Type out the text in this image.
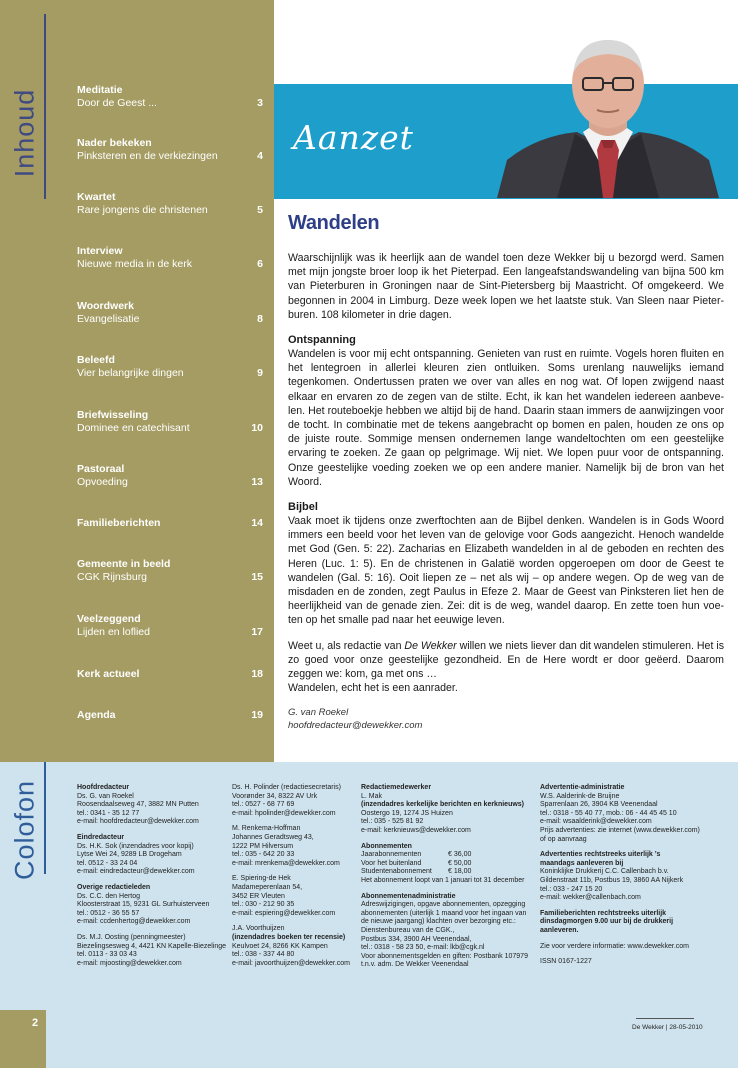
Inhoud	Meditatie
Door de Geest ...	3
Nader bekeken
Pinksteren en de verkiezingen	4
Kwartet
Rare jongens die christenen	5
Interview
Nieuwe media in de kerk	6
Woordwerk
Evangelisatie	8
Beleefd
Vier belangrijke dingen	9
Briefwisseling
Dominee en catechisant	10
Pastoraal
Opvoeding	13
Familieberichten	14
Gemeente in beeld
CGK Rijnsburg	15
Veelzeggend
Lijden en loflied	17
Kerk actueel	18
Agenda	19
Aanzet
Wandelen

Waarschijnlijk was ik heerlijk aan de wandel toen deze Wekker bij u bezorgd werd. Samen met mijn jongste broer loop ik het Pieterpad. Een langeafstandswandeling van bijna 500 km van Pieterburen in Groningen naar de Sint-Pietersberg bij Maastricht. Of omgekeerd. We begonnen in 2004 in Limburg. Deze week lopen we het laatste stuk. Van Sleen naar Pieter-buren. 108 kilometer in drie dagen.

Ontspanning

Wandelen is voor mij echt ontspanning. Genieten van rust en ruimte. Vogels horen fluiten en het lentegroen in allerlei kleuren zien ontluiken. Soms urenlang nauwelijks iemand tegenkomen. Ondertussen praten we over van alles en nog wat. Of lopen zwijgend naast elkaar en ervaren zo de zegen van de stilte. Echt, ik kan het wandelen iedereen aanbeve-len. Het routeboekje hebben we altijd bij de hand. Daarin staan immers de aanwijzingen voor de tocht. In combinatie met de tekens aangebracht op bomen en palen, houden ze ons op de juiste route. Sommige mensen ondernemen lange wandeltochten om een geestelijke ervaring te zoeken. Ze gaan op pelgrimage. Wij niet. We lopen puur voor de ontspanning. Onze geestelijke voeding zoeken we op een andere manier. Namelijk bij de bron van het Woord.

Bijbel

Vaak moet ik tijdens onze zwerftochten aan de Bijbel denken. Wandelen is in Gods Woord immers een beeld voor het leven van de gelovige voor Gods aangezicht. Henoch wandelde met God (Gen. 5: 22). Zacharias en Elizabeth wandelden in al de geboden en rechten des Heren (Luc. 1: 5). En de christenen in Galatië worden opgeroepen om door de Geest te wandelen (Gal. 5: 16). Ooit liepen ze – net als wij – op andere wegen. Op de weg van de misdaden en de zonden, zegt Paulus in Efeze 2. Maar de Geest van Pinksteren liet hen de heerlijkheid van de genade zien. Zei: dit is de weg, wandel daarop. En zette toen hun voe-ten op het smalle pad naar het eeuwige leven.

Weet u, als redactie van De Wekker willen we niets liever dan dit wandelen stimuleren. Het is zo goed voor onze geestelijke gezondheid. En de Here wordt er door geëerd. Daarom zeggen we: kom, ga met ons …

Wandelen, echt het is een aanrader.

G. van Roekel
hoofdredacteur@dewekker.com
Colofon	Hoofdredacteur
Ds. G. van Roekel
Roosendaalseweg 47, 3882 MN Putten
tel.: 0341 - 35 12 77
e-mail: hoofdredacteur@dewekker.com
Eindredacteur
Ds. H.K. Sok (inzendadres voor kopij)
Lytse Wei 24, 9289 LB Drogeham
tel. 0512 - 33 24 04
e-mail: eindredacteur@dewekker.com
Overige redactieleden
Ds. C.C. den Hertog
Kloosterstraat 15, 9231 GL Surhuisterveen
tel.: 0512 - 36 55 57
e-mail: ccdenhertog@dewekker.com
Ds. M.J. Oosting (penningmeester)
Biezelingsesweg 4, 4421 KN Kapelle-Biezelinge
tel. 0113 - 33 03 43
e-mail: mjoosting@dewekker.com
Ds. H. Polinder (redactiesecretaris)
Voorønder 34, 8322 AV Urk
tel.: 0527 - 68 77 69
e-mail: hpolinder@dewekker.com
M. Renkema-Hoffman
Johannes Geradtsweg 43,
1222 PM Hilversum
tel.: 035 - 642 20 33
e-mail: mrenkema@dewekker.com
E. Spiering-de Hek
Madameperenlaan 54,
3452 ER Vleuten
tel.: 030 - 212 90 35
e-mail: espiering@dewekker.com
J.A. Voorthuijzen
(inzendadres boeken ter recensie)
Keulvoet 24, 8266 KK Kampen
tel.: 038 - 337 44 80
e-mail: javoorthuijzen@dewekker.com
Redactiemedewerker
L. Mak
(inzendadres kerkelijke berichten en kerknieuws)
Oostergo 19, 1274 JS Huizen
tel.: 035 - 525 81 92
e-mail: kerknieuws@dewekker.com
Abonnementen
Jaarabonnementen	€ 36,00
Voor het buitenland	€ 50,00
Studentenabonnement	€ 18,00
Het abonnement loopt van 1 januari tot 31 december
Abonnementenadministratie
Adreswijzigingen, opgave abonnementen, opzegging
abonnementen (uiterlijk 1 maand voor het ingaan van
de nieuwe jaargang) klachten over bezorging etc.:
Dienstenbureau van de CGK.,
Postbus 334, 3900 AH Veenendaal,
tel.: 0318 - 58 23 50, e-mail: lkb@cgk.nl
Voor abonnementsgelden en giften: Postbank 107979
t.n.v. adm. De Wekker Veenendaal
Advertentie-administratie
W.S. Aalderink-de Bruijne
Sparrenlaan 26, 3904 KB Veenendaal
tel.: 0318 - 55 40 77, mob.: 06 - 44 45 45 10
e-mail: wsaalderink@dewekker.com
Prijs advertenties: zie internet (www.dewekker.com)
of op aanvraag
Advertenties rechtstreeks uiterlijk ’s maandags aanleveren bij
Koninklijke Drukkerij C.C. Callenbach b.v.
Gildenstraat 11b, Postbus 19, 3860 AA Nijkerk
tel.: 033 - 247 15 20
e-mail: wekker@callenbach.com
Familieberichten rechtstreeks uiterlijk dinsdagmorgen 9.00 uur bij de drukkerij aanleveren.
Zie voor verdere informatie: www.dewekker.com
ISSN 0167-1227
2	De Wekker | 28-05-2010
